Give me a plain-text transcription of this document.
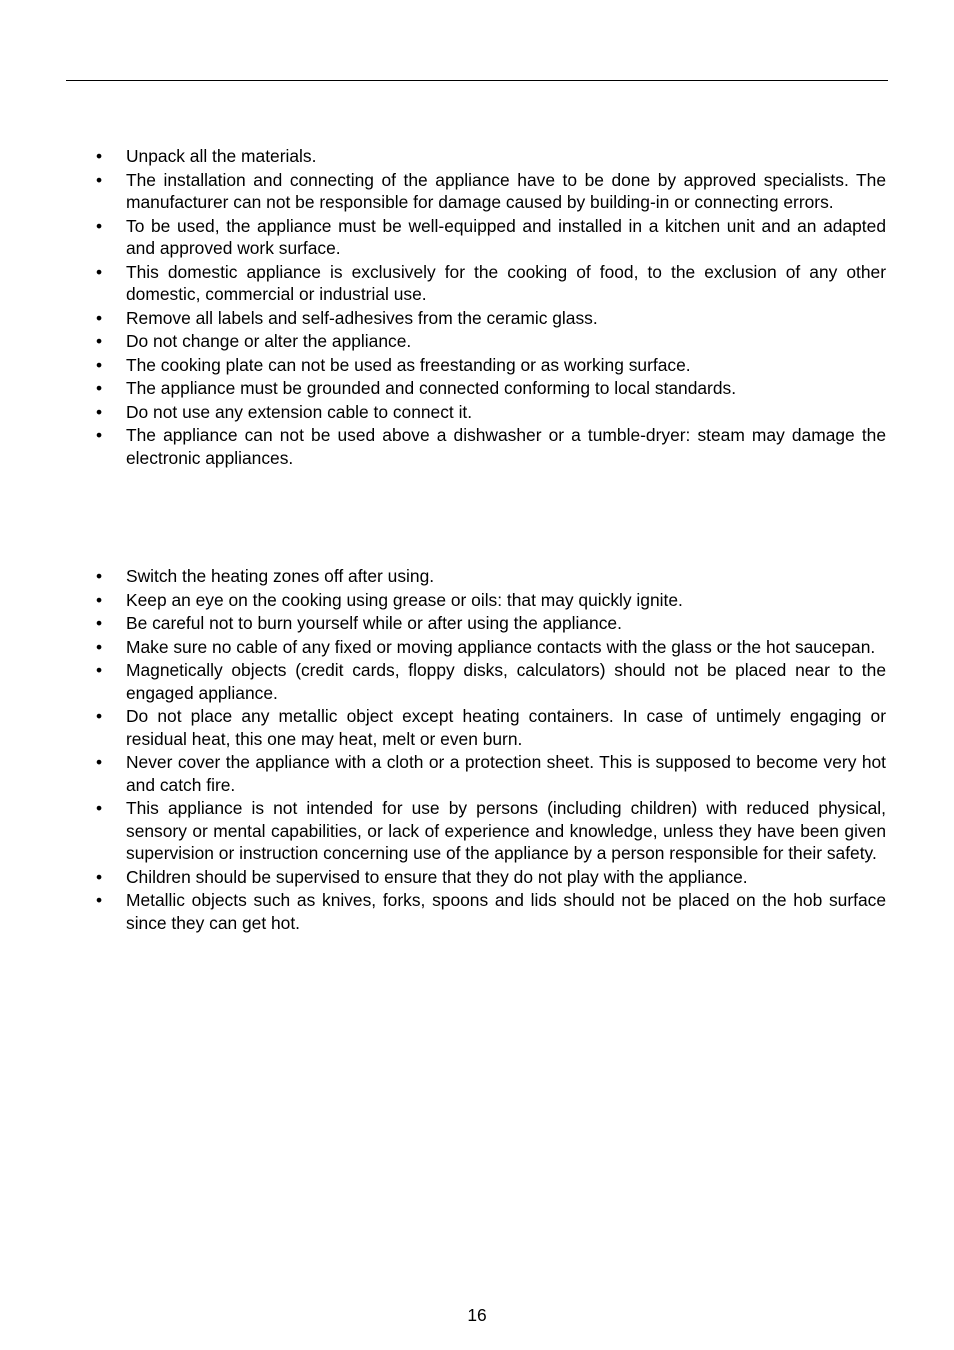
•	Unpack all the materials.
•	The installation and connecting of the appliance have to be done by approved specialists. The manufacturer can not be responsible for damage caused by building-in or connecting errors.
•	To be used, the appliance must be well-equipped and installed in a kitchen unit and an adapted and approved work surface.
•	This domestic appliance is exclusively for the cooking of food, to the exclusion of any other domestic, commercial or industrial use.
•	Remove all labels and self-adhesives from the ceramic glass.
•	Do not change or alter the appliance.
•	The cooking plate can not be used as freestanding or as working surface.
•	The appliance must be grounded and connected conforming to local standards.
•	Do not use any extension cable to connect it.
•	The appliance can not be used above a dishwasher or a tumble-dryer: steam may damage the electronic appliances.
•	Switch the heating zones off after using.
•	Keep an eye on the cooking using grease or oils: that may quickly ignite.
•	Be careful not to burn yourself while or after using the appliance.
•	Make sure no cable of any fixed or moving appliance contacts with the glass or the hot saucepan.
•	Magnetically objects (credit cards, floppy disks, calculators) should not be placed near to the engaged appliance.
•	Do not place any metallic object except heating containers. In case of untimely engaging or residual heat, this one may heat, melt or even burn.
•	Never cover the appliance with a cloth or a protection sheet. This is supposed to become very hot and catch fire.
•	This appliance is not intended for use by persons (including children) with reduced physical, sensory or mental capabilities, or lack of experience and knowledge, unless they have been given supervision or instruction concerning use of the appliance by a person responsible for their safety.
•	Children should be supervised to ensure that they do not play with the appliance.
•	Metallic objects such as knives, forks, spoons and lids should not be placed on the hob surface since they can get hot.
16
